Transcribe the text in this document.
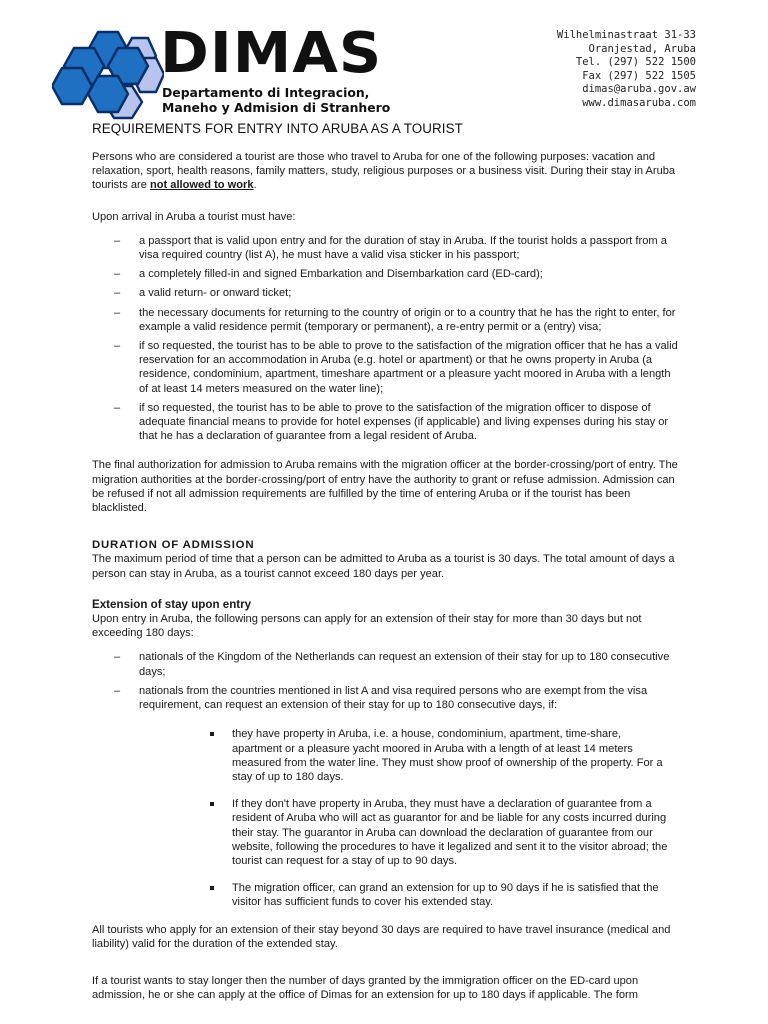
DIMAS
Departamento di Integracion,
Maneho y Admision di Stranhero
Wilhelminastraat 31-33
Oranjestad, Aruba
Tel. (297) 522 1500
Fax (297) 522 1505
dimas@aruba.gov.aw
www.dimasaruba.com
REQUIREMENTS FOR ENTRY INTO ARUBA AS A TOURIST

Persons who are considered a tourist are those who travel to Aruba for one of the following purposes: vacation and relaxation, sport, health reasons, family matters, study, religious purposes or a business visit. During their stay in Aruba tourists are not allowed to work.

Upon arrival in Aruba a tourist must have:

– a passport that is valid upon entry and for the duration of stay in Aruba. If the tourist holds a passport from a visa required country (list A), he must have a valid visa sticker in his passport;
– a completely filled-in and signed Embarkation and Disembarkation card (ED-card);
– a valid return- or onward ticket;
– the necessary documents for returning to the country of origin or to a country that he has the right to enter, for example a valid residence permit (temporary or permanent), a re-entry permit or a (entry) visa;
– if so requested, the tourist has to be able to prove to the satisfaction of the migration officer that he has a valid reservation for an accommodation in Aruba (e.g. hotel or apartment) or that he owns property in Aruba (a residence, condominium, apartment, timeshare apartment or a pleasure yacht moored in Aruba with a length of at least 14 meters measured on the water line);
– if so requested, the tourist has to be able to prove to the satisfaction of the migration officer to dispose of adequate financial means to provide for hotel expenses (if applicable) and living expenses during his stay or that he has a declaration of guarantee from a legal resident of Aruba.

The final authorization for admission to Aruba remains with the migration officer at the border-crossing/port of entry. The migration authorities at the border-crossing/port of entry have the authority to grant or refuse admission. Admission can be refused if not all admission requirements are fulfilled by the time of entering Aruba or if the tourist has been blacklisted.

DURATION OF ADMISSION

The maximum period of time that a person can be admitted to Aruba as a tourist is 30 days. The total amount of days a person can stay in Aruba, as a tourist cannot exceed 180 days per year.

Extension of stay upon entry

Upon entry in Aruba, the following persons can apply for an extension of their stay for more than 30 days but not exceeding 180 days:

– nationals of the Kingdom of the Netherlands can request an extension of their stay for up to 180 consecutive days;
– nationals from the countries mentioned in list A and visa required persons who are exempt from the visa requirement, can request an extension of their stay for up to 180 consecutive days, if:
they have property in Aruba, i.e. a house, condominium, apartment, time-share, apartment or a pleasure yacht moored in Aruba with a length of at least 14 meters measured from the water line. They must show proof of ownership of the property. For a stay of up to 180 days.
If they don't have property in Aruba, they must have a declaration of guarantee from a resident of Aruba who will act as guarantor for and be liable for any costs incurred during their stay. The guarantor in Aruba can download the declaration of guarantee from our website, following the procedures to have it legalized and sent it to the visitor abroad; the tourist can request for a stay of up to 90 days.
The migration officer, can grand an extension for up to 90 days if he is satisfied that the visitor has sufficient funds to cover his extended stay.

All tourists who apply for an extension of their stay beyond 30 days are required to have travel insurance (medical and liability) valid for the duration of the extended stay.

If a tourist wants to stay longer then the number of days granted by the immigration officer on the ED-card upon admission, he or she can apply at the office of Dimas for an extension for up to 180 days if applicable. The form
